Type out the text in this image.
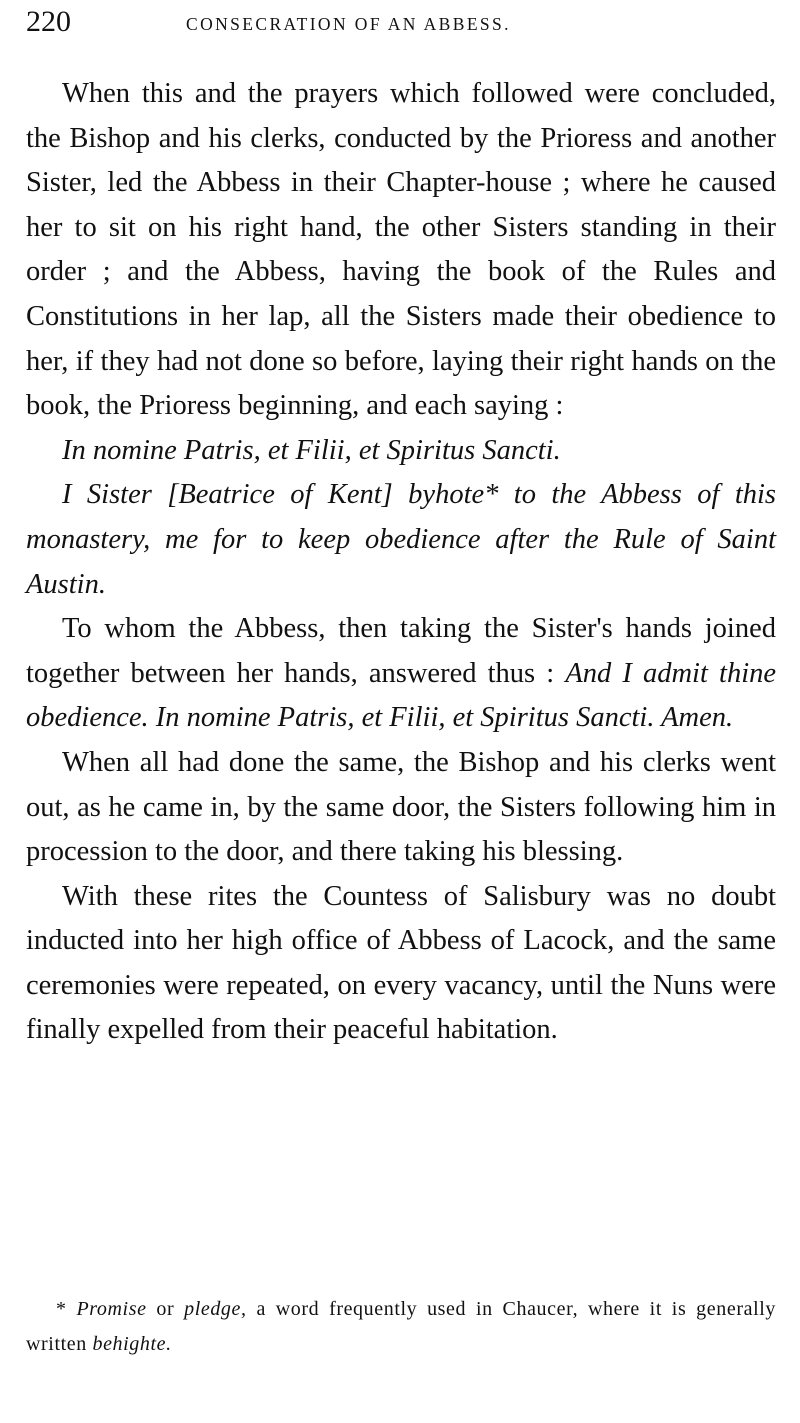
220	CONSECRATION OF AN ABBESS.

When this and the prayers which followed were concluded, the Bishop and his clerks, conducted by the Prioress and another Sister, led the Abbess in their Chapter-house ; where he caused her to sit on his right hand, the other Sisters standing in their order ; and the Abbess, having the book of the Rules and Constitutions in her lap, all the Sisters made their obedience to her, if they had not done so before, laying their right hands on the book, the Prioress beginning, and each saying :

In nomine Patris, et Filii, et Spiritus Sancti.

I Sister [Beatrice of Kent] byhote* to the Abbess of this monastery, me for to keep obedience after the Rule of Saint Austin.

To whom the Abbess, then taking the Sister's hands joined together between her hands, answered thus : And I admit thine obedience. In nomine Patris, et Filii, et Spiritus Sancti. Amen.

When all had done the same, the Bishop and his clerks went out, as he came in, by the same door, the Sisters following him in procession to the door, and there taking his blessing.

With these rites the Countess of Salisbury was no doubt inducted into her high office of Abbess of Lacock, and the same ceremonies were repeated, on every vacancy, until the Nuns were finally expelled from their peaceful habitation.

* Promise or pledge, a word frequently used in Chaucer, where it is generally written behighte.
